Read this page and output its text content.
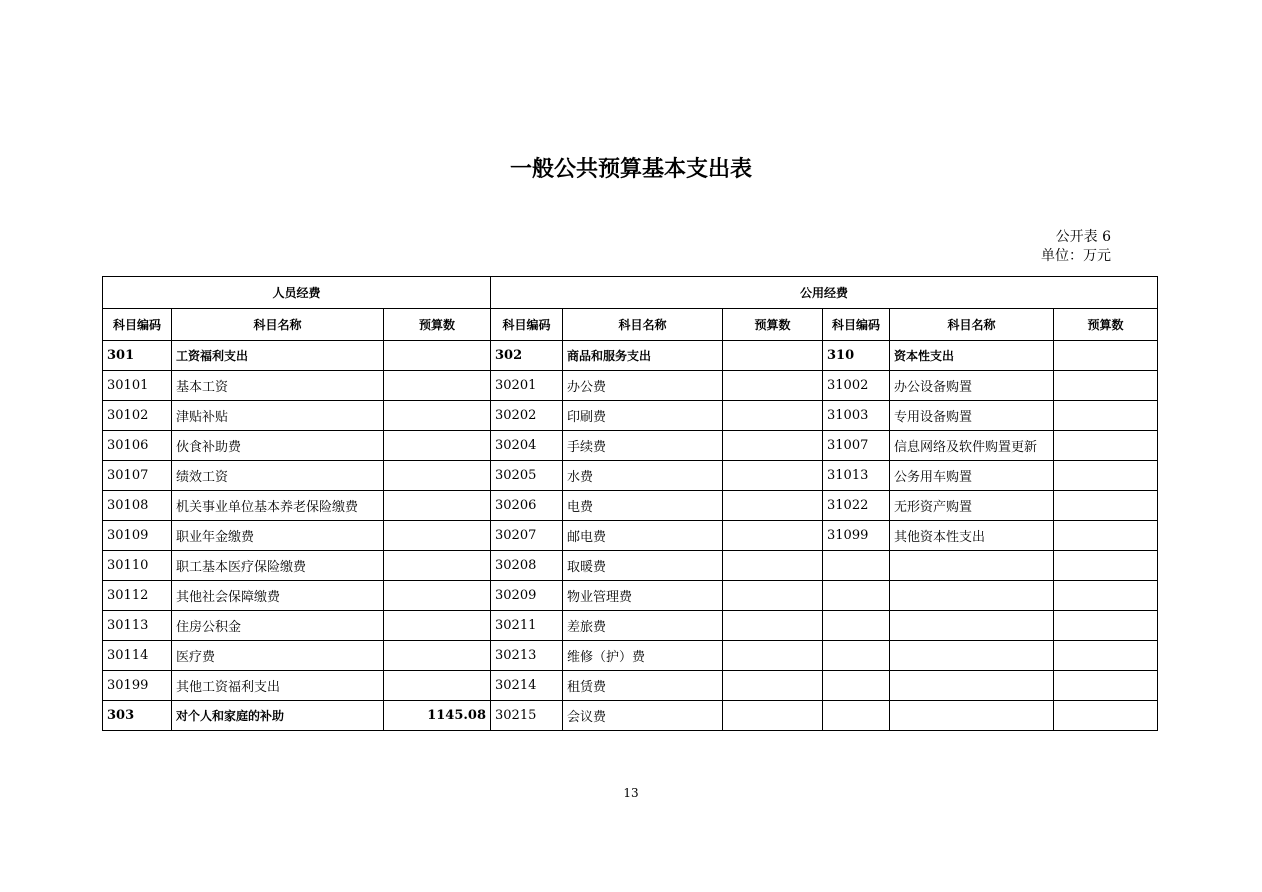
一般公共预算基本支出表
公开表 6
单位：万元
人员经费			公用经费					
科目编码	科目名称	预算数	科目编码	科目名称	预算数	科目编码	科目名称	预算数
301	工资福利支出		302	商品和服务支出		310	资本性支出	
30101	基本工资		30201	办公费		31002	办公设备购置	
30102	津贴补贴		30202	印刷费		31003	专用设备购置	
30106	伙食补助费		30204	手续费		31007	信息网络及软件购置更新	
30107	绩效工资		30205	水费		31013	公务用车购置	
30108	机关事业单位基本养老保险缴费		30206	电费		31022	无形资产购置	
30109	职业年金缴费		30207	邮电费		31099	其他资本性支出	
30110	职工基本医疗保险缴费		30208	取暖费				
30112	其他社会保障缴费		30209	物业管理费				
30113	住房公积金		30211	差旅费				
30114	医疗费		30213	维修（护）费				
30199	其他工资福利支出		30214	租赁费				
303	对个人和家庭的补助	1145.08	30215	会议费				
13
